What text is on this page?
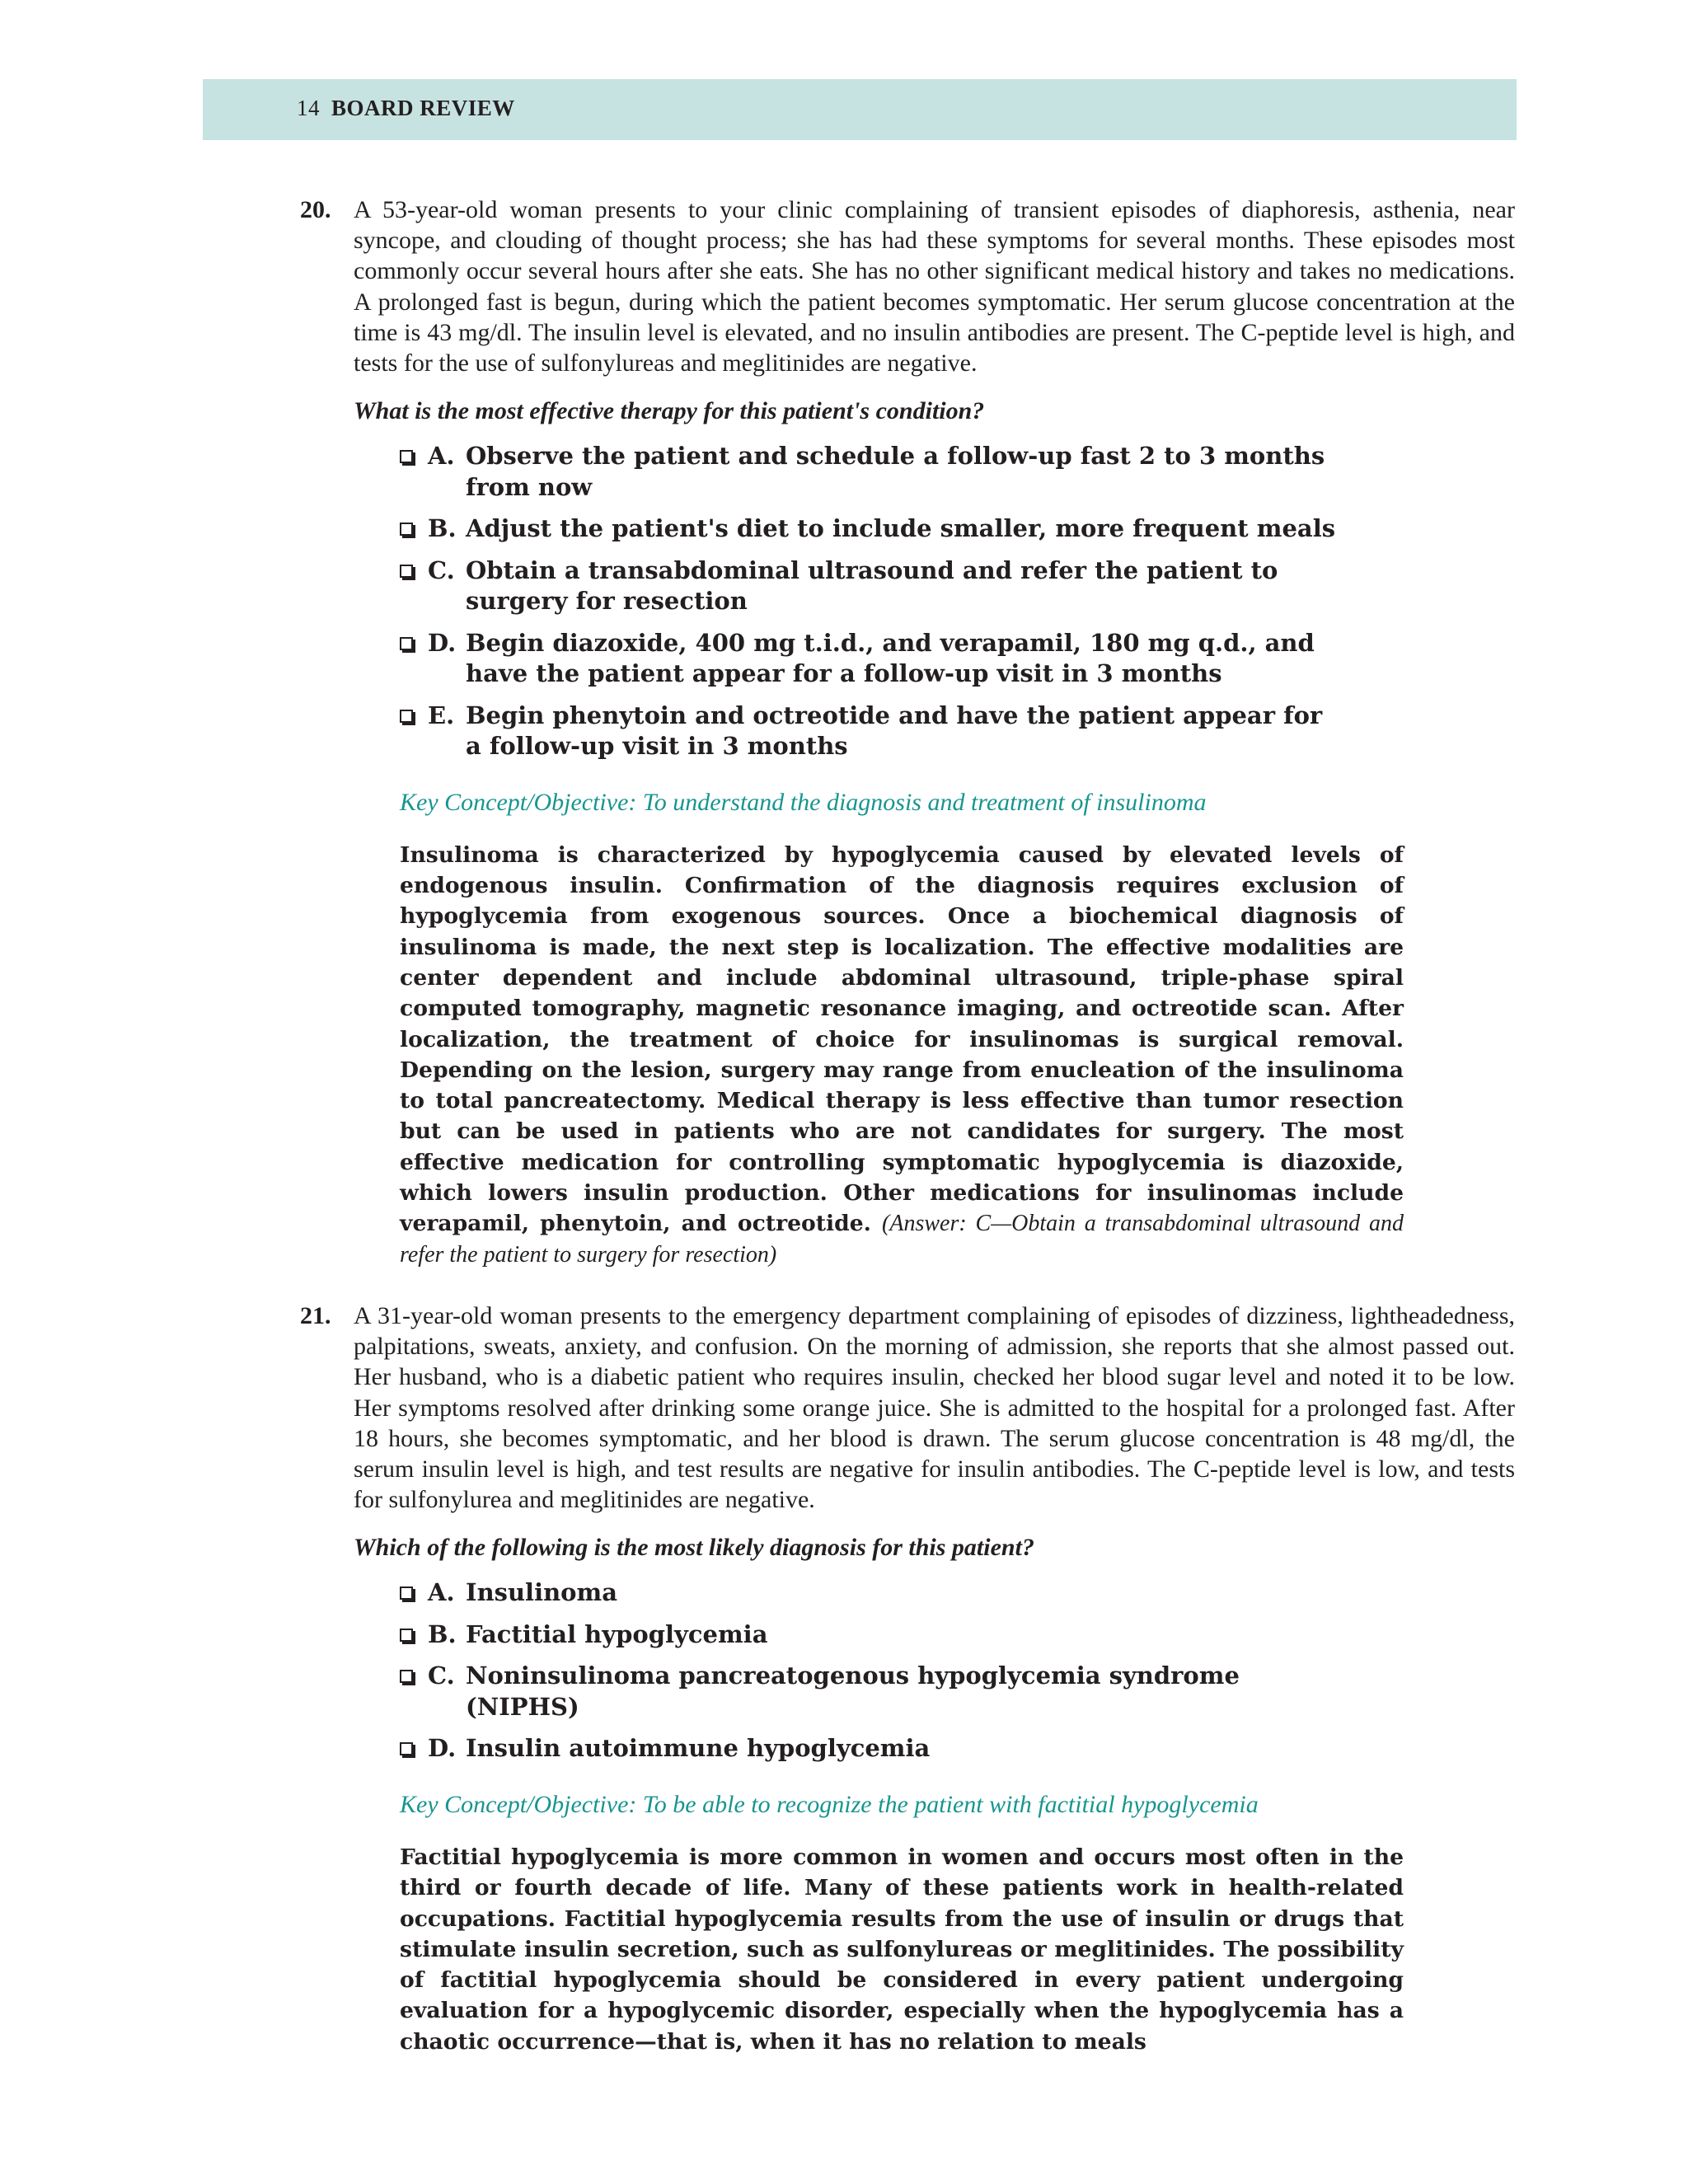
14 BOARD REVIEW
20. A 53-year-old woman presents to your clinic complaining of transient episodes of diaphoresis, asthenia, near syncope, and clouding of thought process; she has had these symptoms for several months. These episodes most commonly occur several hours after she eats. She has no other significant medical history and takes no medications. A prolonged fast is begun, during which the patient becomes symptomatic. Her serum glucose concentration at the time is 43 mg/dl. The insulin level is elevated, and no insulin antibodies are present. The C-peptide level is high, and tests for the use of sulfonylureas and meglitinides are negative.
What is the most effective therapy for this patient's condition?
A. Observe the patient and schedule a follow-up fast 2 to 3 months from now
B. Adjust the patient's diet to include smaller, more frequent meals
C. Obtain a transabdominal ultrasound and refer the patient to surgery for resection
D. Begin diazoxide, 400 mg t.i.d., and verapamil, 180 mg q.d., and have the patient appear for a follow-up visit in 3 months
E. Begin phenytoin and octreotide and have the patient appear for a follow-up visit in 3 months
Key Concept/Objective: To understand the diagnosis and treatment of insulinoma
Insulinoma is characterized by hypoglycemia caused by elevated levels of endogenous insulin. Confirmation of the diagnosis requires exclusion of hypoglycemia from exogenous sources. Once a biochemical diagnosis of insulinoma is made, the next step is localization. The effective modalities are center dependent and include abdominal ultrasound, triple-phase spiral computed tomography, magnetic resonance imaging, and octreotide scan. After localization, the treatment of choice for insulinomas is surgical removal. Depending on the lesion, surgery may range from enucleation of the insulinoma to total pancreatectomy. Medical therapy is less effective than tumor resection but can be used in patients who are not candidates for surgery. The most effective medication for controlling symptomatic hypoglycemia is diazoxide, which lowers insulin production. Other medications for insulinomas include verapamil, phenytoin, and octreotide. (Answer: C—Obtain a transabdominal ultrasound and refer the patient to surgery for resection)
21. A 31-year-old woman presents to the emergency department complaining of episodes of dizziness, lightheadedness, palpitations, sweats, anxiety, and confusion. On the morning of admission, she reports that she almost passed out. Her husband, who is a diabetic patient who requires insulin, checked her blood sugar level and noted it to be low. Her symptoms resolved after drinking some orange juice. She is admitted to the hospital for a prolonged fast. After 18 hours, she becomes symptomatic, and her blood is drawn. The serum glucose concentration is 48 mg/dl, the serum insulin level is high, and test results are negative for insulin antibodies. The C-peptide level is low, and tests for sulfonylurea and meglitinides are negative.
Which of the following is the most likely diagnosis for this patient?
A. Insulinoma
B. Factitial hypoglycemia
C. Noninsulinoma pancreatogenous hypoglycemia syndrome (NIPHS)
D. Insulin autoimmune hypoglycemia
Key Concept/Objective: To be able to recognize the patient with factitial hypoglycemia
Factitial hypoglycemia is more common in women and occurs most often in the third or fourth decade of life. Many of these patients work in health-related occupations. Factitial hypoglycemia results from the use of insulin or drugs that stimulate insulin secretion, such as sulfonylureas or meglitinides. The possibility of factitial hypoglycemia should be considered in every patient undergoing evaluation for a hypoglycemic disorder, especially when the hypoglycemia has a chaotic occurrence—that is, when it has no relation to meals
